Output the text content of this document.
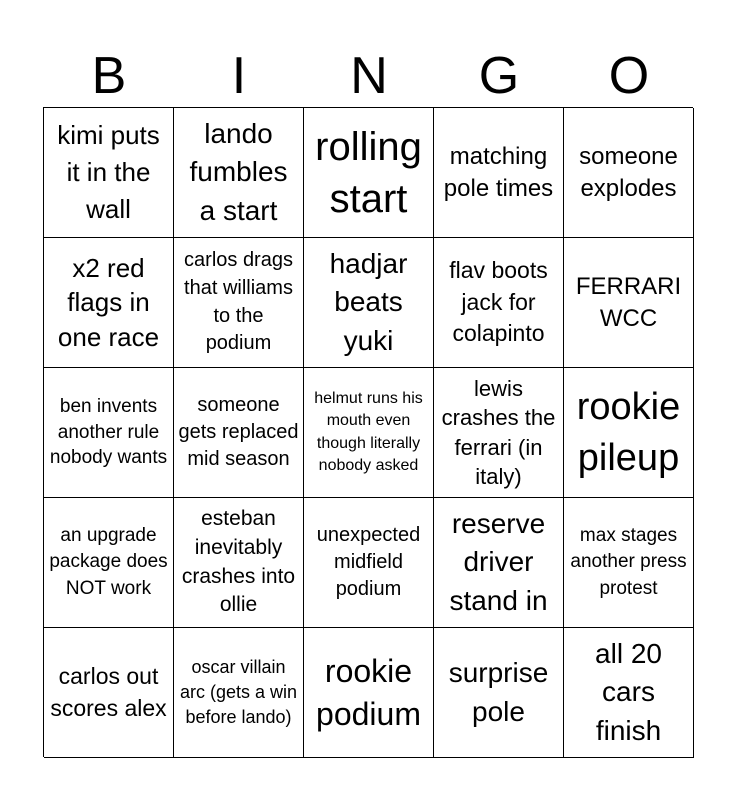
B	I	N	G	O
kimi puts it in the wall
lando fumbles a start
rolling start
matching pole times
someone explodes
x2 red flags in one race
carlos drags that williams to the podium
hadjar beats yuki
flav boots jack for colapinto
FERRARI WCC
ben invents another rule nobody wants
someone gets replaced mid season
helmut runs his mouth even though literally nobody asked
lewis crashes the ferrari (in italy)
rookie pileup
an upgrade package does NOT work
esteban inevitably crashes into ollie
unexpected midfield podium
reserve driver stand in
max stages another press protest
carlos out scores alex
oscar villain arc (gets a win before lando)
rookie podium
surprise pole
all 20 cars finish
